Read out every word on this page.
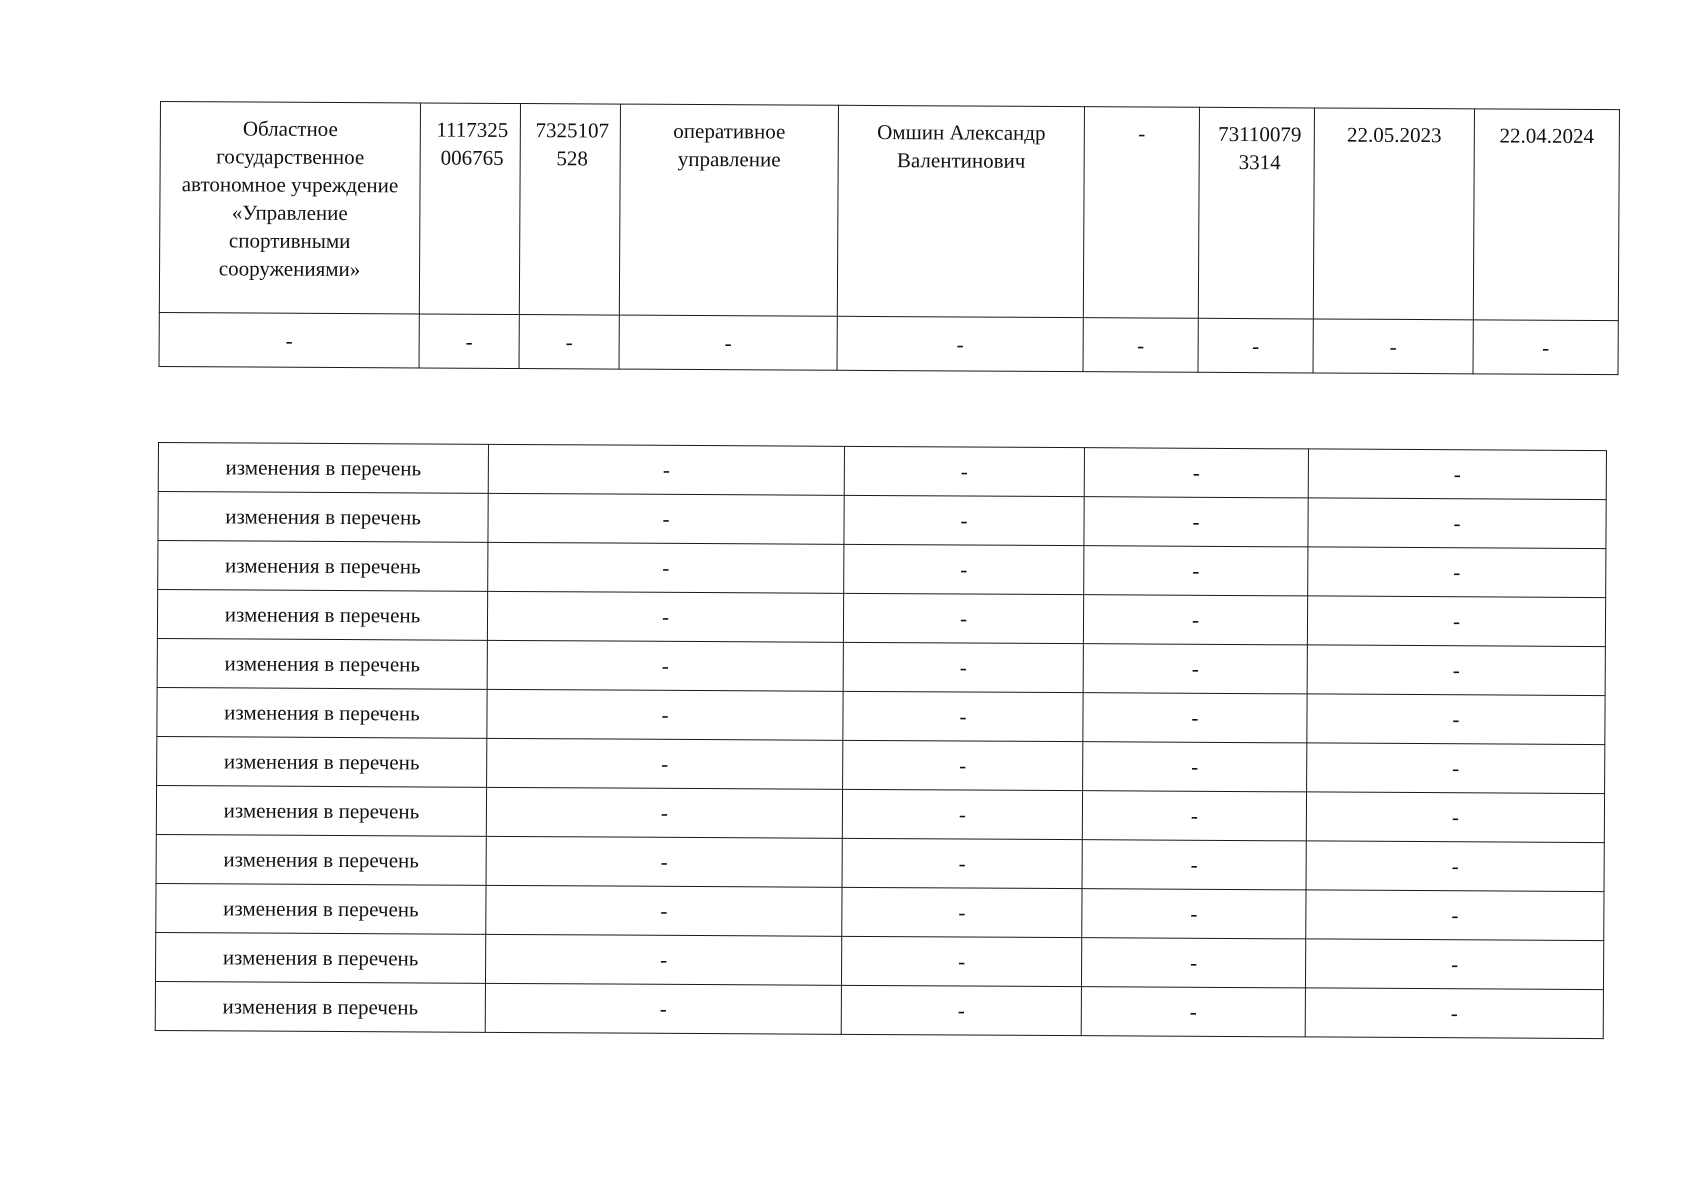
Областное государственное автономное учреждение «Управление спортивными сооружениями»	1117325 006765	7325107 528	оперативное управление	Омшин Александр Валентинович	-	73110079 3314	22.05.2023	22.04.2024
-	-	-	-	-	-	-	-	-
изменения в перечень	-	-	-	-
изменения в перечень	-	-	-	-
изменения в перечень	-	-	-	-
изменения в перечень	-	-	-	-
изменения в перечень	-	-	-	-
изменения в перечень	-	-	-	-
изменения в перечень	-	-	-	-
изменения в перечень	-	-	-	-
изменения в перечень	-	-	-	-
изменения в перечень	-	-	-	-
изменения в перечень	-	-	-	-
изменения в перечень	-	-	-	-
